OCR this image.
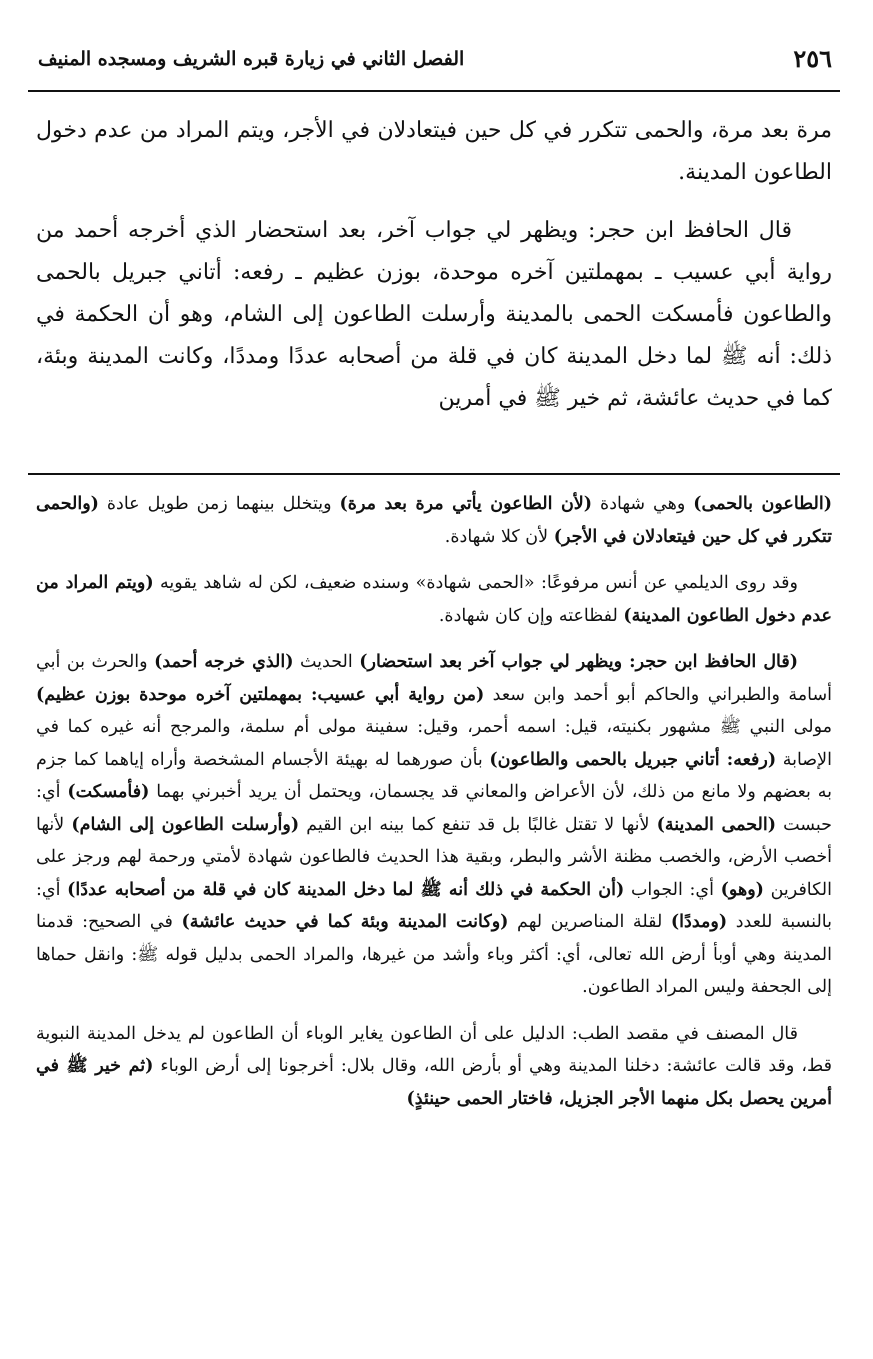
٢٥٦
الفصل الثاني في زيارة قبره الشريف ومسجده المنيف

مرة بعد مرة، والحمى تتكرر في كل حين فيتعادلان في الأجر، ويتم المراد من عدم دخول الطاعون المدينة.

قال الحافظ ابن حجر: ويظهر لي جواب آخر، بعد استحضار الذي أخرجه أحمد من رواية أبي عسيب ـ بمهملتين آخره موحدة، بوزن عظيم ـ رفعه: أتاني جبريل بالحمى والطاعون فأمسكت الحمى بالمدينة وأرسلت الطاعون إلى الشام، وهو أن الحكمة في ذلك: أنه ﷺ لما دخل المدينة كان في قلة من أصحابه عددًا ومددًا، وكانت المدينة وبئة، كما في حديث عائشة، ثم خير ﷺ في أمرين

(الطاعون بالحمى) وهي شهادة (لأن الطاعون يأتي مرة بعد مرة) ويتخلل بينهما زمن طويل عادة (والحمى تتكرر في كل حين فيتعادلان في الأجر) لأن كلا شهادة.

وقد روى الديلمي عن أنس مرفوعًا: «الحمى شهادة» وسنده ضعيف، لكن له شاهد يقويه (ويتم المراد من عدم دخول الطاعون المدينة) لفظاعته وإن كان شهادة.

(قال الحافظ ابن حجر: ويظهر لي جواب آخر بعد استحضار) الحديث (الذي خرجه أحمد) والحرث بن أبي أسامة والطبراني والحاكم أبو أحمد وابن سعد (من رواية أبي عسيب: بمهملتين آخره موحدة بوزن عظيم) مولى النبي ﷺ مشهور بكنيته، قيل: اسمه أحمر، وقيل: سفينة مولى أم سلمة، والمرجح أنه غيره كما في الإصابة (رفعه: أتاني جبريل بالحمى والطاعون) بأن صورهما له بهيئة الأجسام المشخصة وأراه إياهما كما جزم به بعضهم ولا مانع من ذلك، لأن الأعراض والمعاني قد يجسمان، ويحتمل أن يريد أخبرني بهما (فأمسكت) أي: حبست (الحمى المدينة) لأنها لا تقتل غالبًا بل قد تنفع كما بينه ابن القيم (وأرسلت الطاعون إلى الشام) لأنها أخصب الأرض، والخصب مظنة الأشر والبطر، وبقية هذا الحديث فالطاعون شهادة لأمتي ورحمة لهم ورجز على الكافرين (وهو) أي: الجواب (أن الحكمة في ذلك أنه ﷺ لما دخل المدينة كان في قلة من أصحابه عددًا) أي: بالنسبة للعدد (ومددًا) لقلة المناصرين لهم (وكانت المدينة وبئة كما في حديث عائشة) في الصحيح: قدمنا المدينة وهي أوبأ أرض الله تعالى، أي: أكثر وباء وأشد من غيرها، والمراد الحمى بدليل قوله ﷺ: وانقل حماها إلى الجحفة وليس المراد الطاعون.

قال المصنف في مقصد الطب: الدليل على أن الطاعون يغاير الوباء أن الطاعون لم يدخل المدينة النبوية قط، وقد قالت عائشة: دخلنا المدينة وهي أو بأرض الله، وقال بلال: أخرجونا إلى أرض الوباء (ثم خير ﷺ في أمرين يحصل بكل منهما الأجر الجزيل، فاختار الحمى حينئذٍ)
